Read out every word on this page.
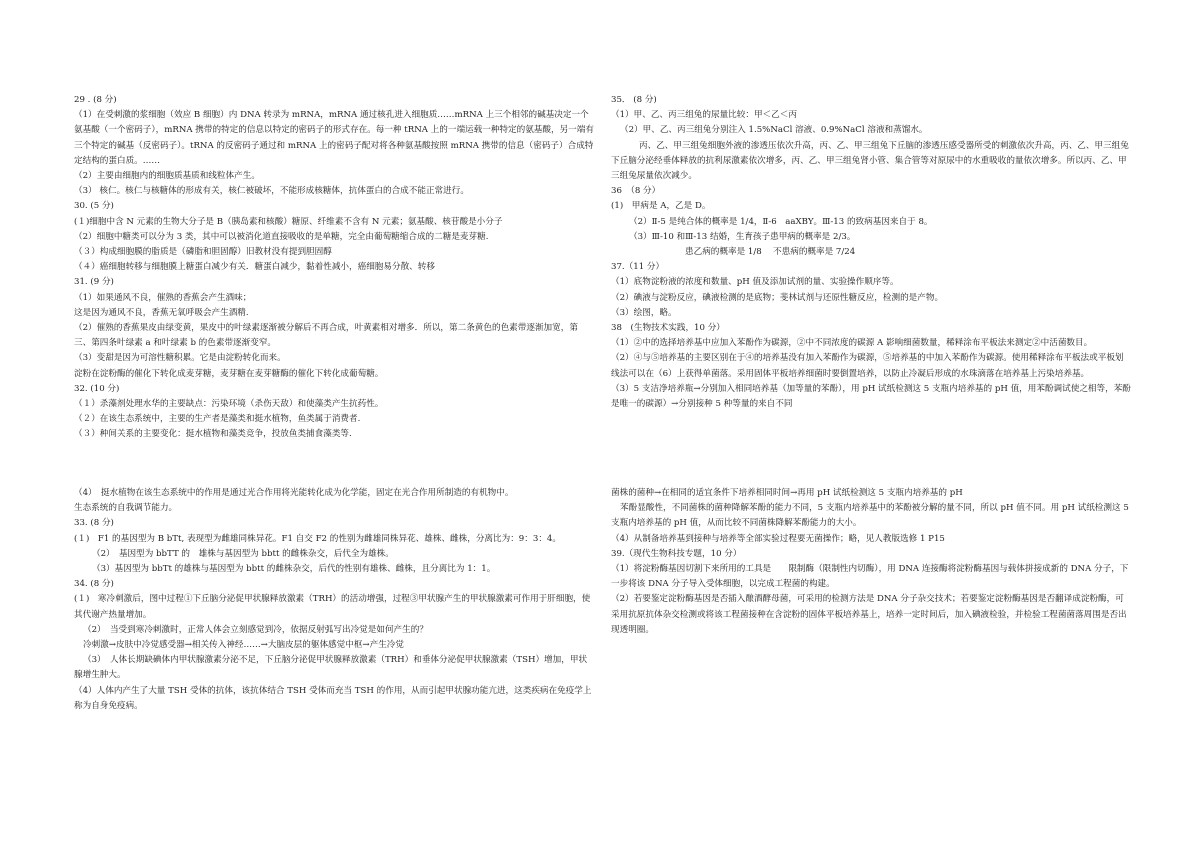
29 . (8 分)

（1）在受刺激的浆细胞（效应 B 细胞）内 DNA 转录为 mRNA，mRNA 通过核孔进入细胞质……mRNA 上三个相邻的碱基决定一个氨基酸（一个密码子），mRNA 携带的特定的信息以特定的密码子的形式存在。每一种 tRNA 上的一端运载一种特定的氨基酸，另一端有三个特定的碱基（反密码子）。tRNA 的反密码子通过和 mRNA 上的密码子配对将各种氨基酸按照 mRNA 携带的信息（密码子）合成特定结构的蛋白质。……

（2）主要由细胞内的细胞质基质和线粒体产生。

（3） 核仁。核仁与核糖体的形成有关，核仁被破坏，不能形成核糖体，抗体蛋白的合成不能正常进行。

30. (5 分)

(１)细胞中含 N 元素的生物大分子是 B（胰岛素和核酸）糖原、纤维素不含有 N 元素；氨基酸、核苷酸是小分子

（2）细胞中糖类可以分为 3 类，其中可以被消化道直接吸收的是单糖，完全由葡萄糖缩合成的二糖是麦芽糖.

（３）构成细胞膜的脂质是（磷脂和胆固醇）旧教材没有提到胆固醇

（４）癌细胞转移与细胞膜上糖蛋白减少有关．糖蛋白减少，黏着性减小，癌细胞易分散、转移

31. (9 分)

（1）如果通风不良，催熟的香蕉会产生酒味；

这是因为通风不良，香蕉无氧呼吸会产生酒精.

（2）催熟的香蕉果皮由绿变黄，果皮中的叶绿素逐渐被分解后不再合成，叶黄素相对增多．所以，第二条黄色的色素带逐渐加宽，第三、第四条叶绿素 a 和叶绿素 b 的色素带逐渐变窄。

（3）变甜是因为可溶性糖积累。它是由淀粉转化而来。

淀粉在淀粉酶的催化下转化成麦芽糖，麦芽糖在麦芽糖酶的催化下转化成葡萄糖。

32. (10 分)

（１）杀藻剂处理水华的主要缺点：污染环境（杀伤天敌）和使藻类产生抗药性。

（２）在该生态系统中，主要的生产者是藻类和挺水植物，鱼类属于消费者.

（３）种间关系的主要变化：挺水植物和藻类竞争，投放鱼类捕食藻类等.

35． (8 分)

（1）甲、乙、丙三组兔的尿量比较：甲＜乙＜丙

（2）甲、乙、丙三组兔分别注入 1.5%NaCl 溶液、0.9%NaCl 溶液和蒸馏水。

丙、乙、甲三组兔细胞外液的渗透压依次升高，丙、乙、甲三组兔下丘脑的渗透压感受器所受的刺激依次升高，丙、乙、甲三组兔下丘脑分泌经垂体释放的抗利尿激素依次增多，丙、乙、甲三组兔肾小管、集合管等对原尿中的水重吸收的量依次增多。所以丙、乙、甲三组兔尿量依次减少。

36　（8 分）

(1)　甲病是 A，乙是 D。

（2）Ⅱ-5 是纯合体的概率是 1/4，Ⅱ-6　aaXBY。Ⅲ-13 的致病基因来自于 8。

（3）Ⅲ-10 和Ⅲ-13 结婚，生育孩子患甲病的概率是 2/3。

患乙病的概率是 1/8　 不患病的概率是 7/24

37.（11 分）

（1）底物淀粉液的浓度和数量、pH 值及添加试剂的量、实验操作顺序等。

（2）碘液与淀粉反应，碘液检测的是底物；斐林试剂与还原性糖反应，检测的是产物。

（3）绘图，略。

38　(生物技术实践，10 分）

（1）②中的选择培养基中应加入苯酚作为碳源，②中不同浓度的碳源 A 影响细菌数量，稀释涂布平板法来测定②中活菌数目。

（2）④与⑤培养基的主要区别在于④的培养基没有加入苯酚作为碳源，⑤培养基的中加入苯酚作为碳源。使用稀释涂布平板法或平板划线法可以在（6）上获得单菌落。采用固体平板培养细菌时要倒置培养，以防止冷凝后形成的水珠滴落在培养基上污染培养基。

（3）5 支洁净培养瓶→分别加入相同培养基（加等量的苯酚），用 pH 试纸检测这 5 支瓶内培养基的 pH 值，用苯酚调试使之相等，苯酚是唯一的碳源）→分别接种 5 种等量的来自不同

（4）　挺水植物在该生态系统中的作用是通过光合作用将光能转化成为化学能，固定在光合作用所制造的有机物中。

生态系统的自我调节能力。

33. (8 分)

(１)　F1 的基因型为 B bTt, 表现型为雌雄同株异花。F1 自交 F2 的性别为雌雄同株异花、雄株、雌株，分离比为：9：3：4。

（2）　基因型为 bbTT 的　雄株与基因型为 bbtt 的雌株杂交，后代全为雄株。

（3）基因型为 bbTt 的雄株与基因型为 bbtt 的雌株杂交，后代的性别有雄株、雌株，且分离比为 1：1。

34. (8 分)

(１)　寒冷刺激后，图中过程①下丘脑分泌促甲状腺释放激素（TRH）的活动增强，过程③甲状腺产生的甲状腺激素可作用于肝细胞，使其代谢产热量增加。

（2）　当受到寒冷刺激时，正常人体会立刻感觉到冷，依据反射弧写出冷觉是如何产生的？

冷刺激→皮肤中冷觉感受器→相关传入神经……→大脑皮层的躯体感觉中枢→产生冷觉

（3）　人体长期缺碘体内甲状腺激素分泌不足，下丘脑分泌促甲状腺释放激素（TRH）和垂体分泌促甲状腺激素（TSH）增加，甲状腺增生肿大。

（4）人体内产生了大量 TSH 受体的抗体，该抗体结合 TSH 受体而充当 TSH 的作用，从而引起甲状腺功能亢进，这类疾病在免疫学上称为自身免疫病。

菌株的菌种→在相同的适宜条件下培养相同时间→再用 pH 试纸检测这 5 支瓶内培养基的 pH

苯酚显酸性，不同菌株的菌种降解苯酚的能力不同，5 支瓶内培养基中的苯酚被分解的量不同，所以 pH 值不同。用 pH 试纸检测这 5 支瓶内培养基的 pH 值，从而比较不同菌株降解苯酚能力的大小。

（4）从制备培养基到接种与培养等全部实验过程要无菌操作；略，见人教版选修 1 P15

39.（现代生物科技专题，10 分）

（1）将淀粉酶基因切割下来所用的工具是　　限制酶（限制性内切酶），用 DNA 连接酶将淀粉酶基因与载体拼接成新的 DNA 分子，下一步将该 DNA 分子导入受体细胞，以完成工程菌的构建。

（2）若要鉴定淀粉酶基因是否插入酿酒酵母菌，可采用的检测方法是 DNA 分子杂交技术；若要鉴定淀粉酶基因是否翻译成淀粉酶，可采用抗原抗体杂交检测或将该工程菌接种在含淀粉的固体平板培养基上，培养一定时间后，加入碘液检验，并检验工程菌菌落周围是否出现透明圈。
